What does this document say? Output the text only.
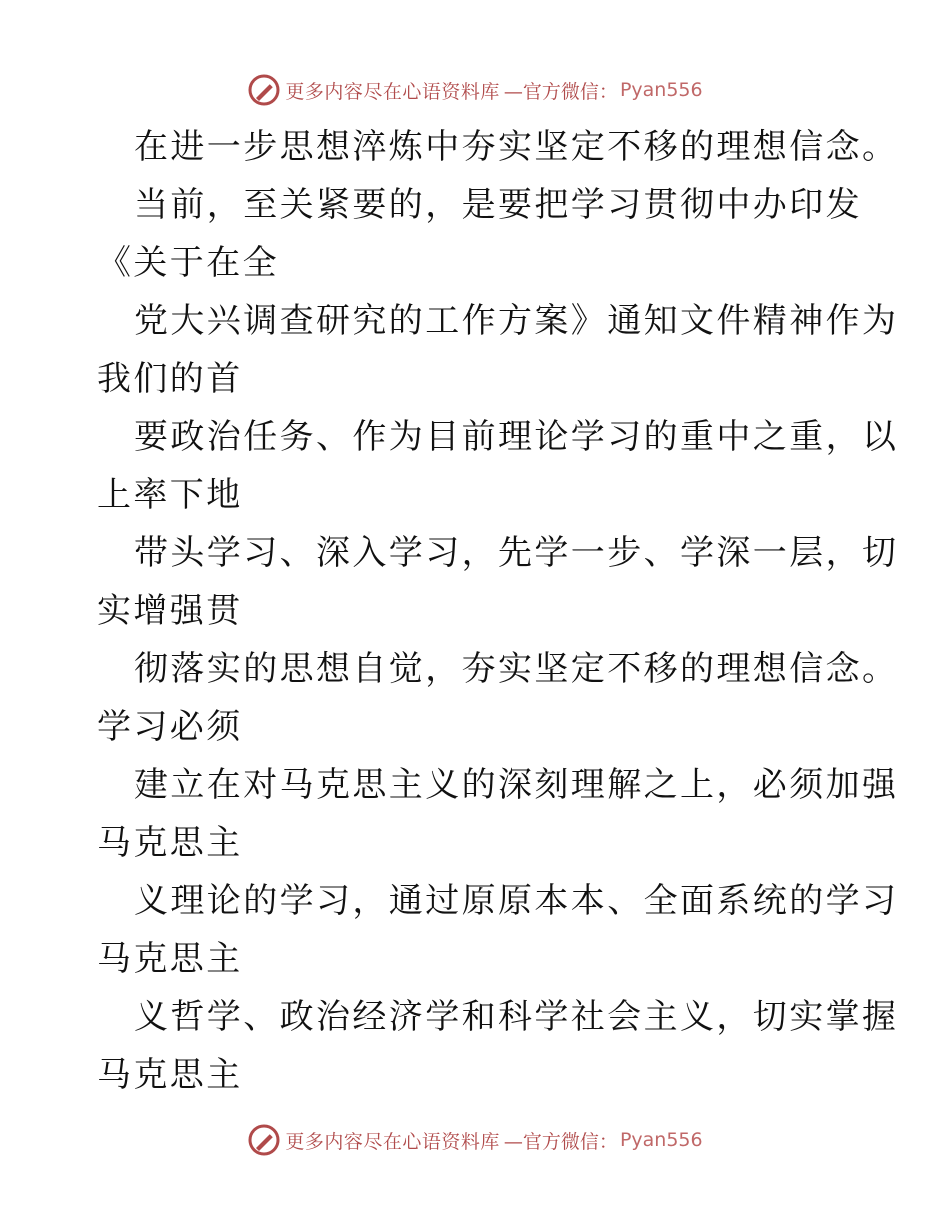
更多内容尽在心语资料库 —官方微信： Pyan556
在进一步思想淬炼中夯实坚定不移的理想信念。
当前，至关紧要的，是要把学习贯彻中办印发
《关于在全
党大兴调查研究的工作方案》通知文件精神作为
我们的首
要政治任务、作为目前理论学习的重中之重，以
上率下地
带头学习、深入学习，先学一步、学深一层，切
实增强贯
彻落实的思想自觉，夯实坚定不移的理想信念。
学习必须
建立在对马克思主义的深刻理解之上，必须加强
马克思主
义理论的学习，通过原原本本、全面系统的学习
马克思主
义哲学、政治经济学和科学社会主义，切实掌握
马克思主
更多内容尽在心语资料库 —官方微信： Pyan556
